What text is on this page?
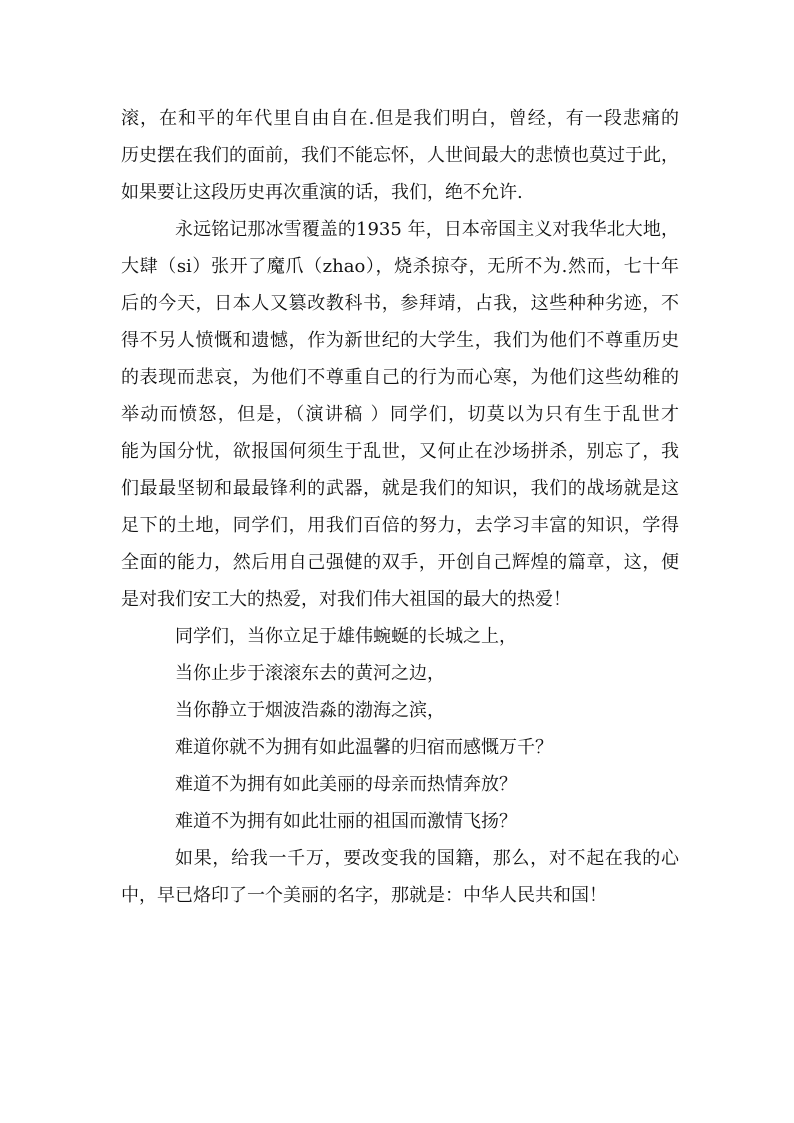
滚，在和平的年代里自由自在.但是我们明白，曾经，有一段悲痛的
历史摆在我们的面前，我们不能忘怀，人世间最大的悲愤也莫过于此，
如果要让这段历史再次重演的话，我们，绝不允许.
永远铭记那冰雪覆盖的1935 年，日本帝国主义对我华北大地，
大肆（si）张开了魔爪（zhao），烧杀掠夺，无所不为.然而，七十年
后的今天，日本人又篡改教科书，参拜靖，占我，这些种种劣迹，不
得不另人愤慨和遗憾，作为新世纪的大学生，我们为他们不尊重历史
的表现而悲哀，为他们不尊重自己的行为而心寒，为他们这些幼稚的
举动而愤怒，但是，（演讲稿 ）同学们，切莫以为只有生于乱世才
能为国分忧，欲报国何须生于乱世，又何止在沙场拼杀，别忘了，我
们最最坚韧和最最锋利的武器，就是我们的知识，我们的战场就是这
足下的土地，同学们，用我们百倍的努力，去学习丰富的知识，学得
全面的能力，然后用自己强健的双手，开创自己辉煌的篇章，这，便
是对我们安工大的热爱，对我们伟大祖国的最大的热爱！
同学们，当你立足于雄伟蜿蜒的长城之上，
当你止步于滚滚东去的黄河之边，
当你静立于烟波浩淼的渤海之滨，
难道你就不为拥有如此温馨的归宿而感慨万千？
难道不为拥有如此美丽的母亲而热情奔放？
难道不为拥有如此壮丽的祖国而激情飞扬？
如果，给我一千万，要改变我的国籍，那么，对不起在我的心
中，早已烙印了一个美丽的名字，那就是：中华人民共和国！
